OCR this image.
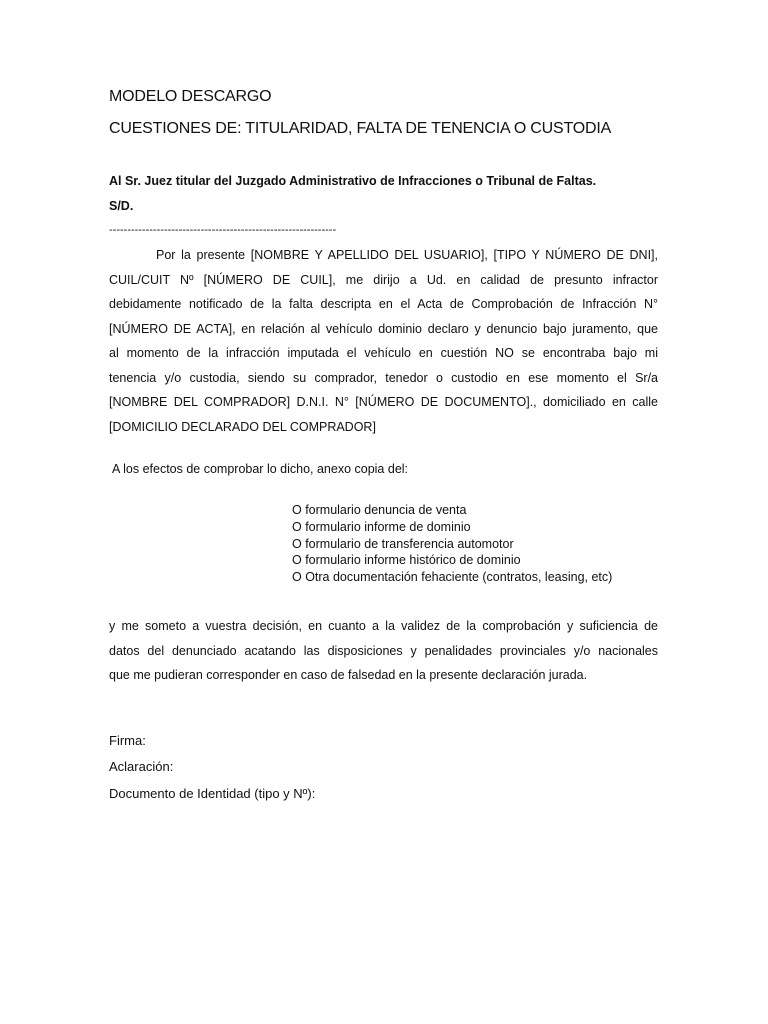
MODELO DESCARGO
CUESTIONES DE: TITULARIDAD, FALTA DE TENENCIA O CUSTODIA

Al Sr. Juez titular del Juzgado Administrativo de Infracciones o Tribunal de Faltas.

S/D.

--------------------------------------------------------------

Por la presente [NOMBRE Y APELLIDO DEL USUARIO], [TIPO Y NÚMERO DE DNI],
CUIL/CUIT Nº [NÚMERO DE CUIL], me dirijo a Ud. en calidad de presunto infractor
debidamente notificado de la falta descripta en el Acta de Comprobación de Infracción N°
[NÚMERO DE ACTA], en relación al vehículo dominio declaro y denuncio bajo juramento, que
al momento de la infracción imputada el vehículo en cuestión NO se encontraba bajo mi
tenencia y/o custodia, siendo su comprador, tenedor o custodio en ese momento el Sr/a
[NOMBRE DEL COMPRADOR] D.N.I. N° [NÚMERO DE DOCUMENTO]., domiciliado en calle
[DOMICILIO DECLARADO DEL COMPRADOR]

A los efectos de comprobar lo dicho, anexo copia del:

O formulario denuncia de venta
O formulario informe de dominio
O formulario de transferencia automotor
O formulario informe histórico de dominio
O Otra documentación fehaciente (contratos, leasing, etc)
y me someto a vuestra decisión, en cuanto a la validez de la comprobación y suficiencia de
datos del denunciado acatando las disposiciones y penalidades provinciales y/o nacionales
que me pudieran corresponder en caso de falsedad en la presente declaración jurada.

Firma:

Aclaración:

Documento de Identidad (tipo y Nº):
